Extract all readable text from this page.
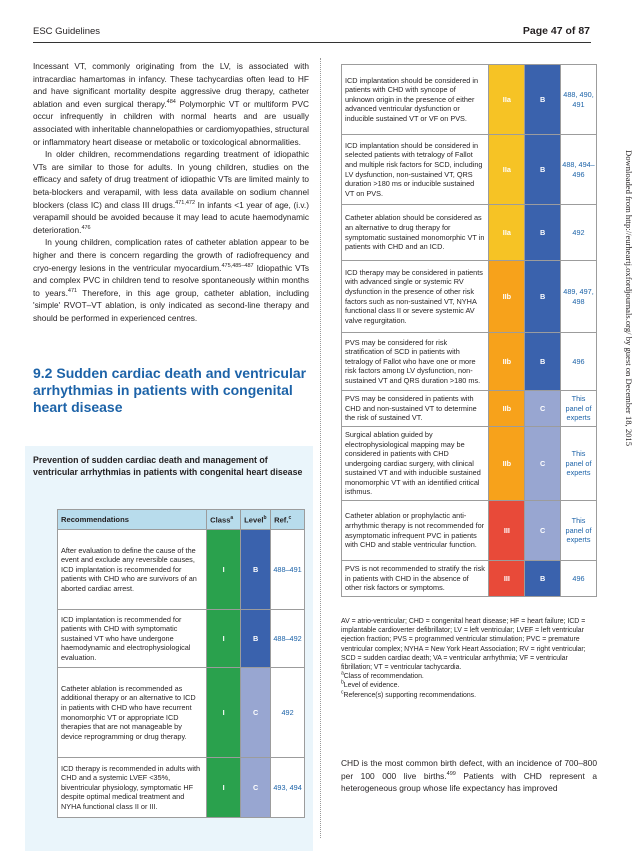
ESC Guidelines	Page 47 of 87

Incessant VT, commonly originating from the LV, is associated with intracardiac hamartomas in infancy. These tachycardias often lead to HF and have significant mortality despite aggressive drug therapy, catheter ablation and even surgical therapy.$^{484}$ Polymorphic VT or multiform PVC occur infrequently in children with normal hearts and are usually associated with inheritable channelopathies or cardiomyopathies, structural or inflammatory heart disease or metabolic or toxicological abnormalities.

In older children, recommendations regarding treatment of idiopathic VTs are similar to those for adults. In young children, studies on the efficacy and safety of drug treatment of idiopathic VTs are limited mainly to beta-blockers and verapamil, with less data available on sodium channel blockers (class IC) and class III drugs.$^{471,472}$ In infants <1 year of age, (i.v.) verapamil should be avoided because it may lead to acute haemodynamic deterioration.$^{476}$

In young children, complication rates of catheter ablation appear to be higher and there is concern regarding the growth of radiofrequency and cryo-energy lesions in the ventricular myocardium.$^{475,485-487}$ Idiopathic VTs and complex PVC in children tend to resolve spontaneously within months to years.$^{471}$ Therefore, in this age group, catheter ablation, including 'simple' RVOT–VT ablation, is only indicated as second-line therapy and should be performed in experienced centres.

9.2 Sudden cardiac death and ventricular arrhythmias in patients with congenital heart disease
Prevention of sudden cardiac death and management of ventricular arrhythmias in patients with congenital heart disease
Recommendations	Class$^a$	Level$^b$	Ref.$^c$
After evaluation to define the cause of the event and exclude any reversible causes, ICD implantation is recommended for patients with CHD who are survivors of an aborted cardiac arrest.	I	B	488–491
ICD implantation is recommended for patients with CHD with symptomatic sustained VT who have undergone haemodynamic and electrophysiological evaluation.	I	B	488–492
Catheter ablation is recommended as additional therapy or an alternative to ICD in patients with CHD who have recurrent monomorphic VT or appropriate ICD therapies that are not manageable by device reprogramming or drug therapy.	I	C	492
ICD therapy is recommended in adults with CHD and a systemic LVEF <35%, biventricular physiology, symptomatic HF despite optimal medical treatment and NYHA functional class II or III.	I	C	493, 494
ICD implantation should be considered in patients with CHD with syncope of unknown origin in the presence of either advanced ventricular dysfunction or inducible sustained VT or VF on PVS.	IIa	B	488, 490, 491
ICD implantation should be considered in selected patients with tetralogy of Fallot and multiple risk factors for SCD, including LV dysfunction, non-sustained VT, QRS duration >180 ms or inducible sustained VT on PVS.	IIa	B	488, 494–496
Catheter ablation should be considered as an alternative to drug therapy for symptomatic sustained monomorphic VT in patients with CHD and an ICD.	IIa	B	492
ICD therapy may be considered in patients with advanced single or systemic RV dysfunction in the presence of other risk factors such as non-sustained VT, NYHA functional class II or severe systemic AV valve regurgitation.	IIb	B	489, 497, 498
PVS may be considered for risk stratification of SCD in patients with tetralogy of Fallot who have one or more risk factors among LV dysfunction, non-sustained VT and QRS duration >180 ms.	IIb	B	496
PVS may be considered in patients with CHD and non-sustained VT to determine the risk of sustained VT.	IIb	C	This panel of experts
Surgical ablation guided by electrophysiological mapping may be considered in patients with CHD undergoing cardiac surgery, with clinical sustained VT and with inducible sustained monomorphic VT with an identified critical isthmus.	IIb	C	This panel of experts
Catheter ablation or prophylactic anti-arrhythmic therapy is not recommended for asymptomatic infrequent PVC in patients with CHD and stable ventricular function.	III	C	This panel of experts
PVS is not recommended to stratify the risk in patients with CHD in the absence of other risk factors or symptoms.	III	B	496
AV = atrio-ventricular; CHD = congenital heart disease; HF = heart failure; ICD = implantable cardioverter defibrillator; LV = left ventricular; LVEF = left ventricular ejection fraction; PVS = programmed ventricular stimulation; PVC = premature ventricular complex; NYHA = New York Heart Association; RV = right ventricular; SCD = sudden cardiac death; VA = ventricular arrhythmia; VF = ventricular fibrillation; VT = ventricular tachycardia.
$^a$Class of recommendation.
$^b$Level of evidence.
$^c$Reference(s) supporting recommendations.
CHD is the most common birth defect, with an incidence of 700–800 per 100 000 live births.$^{499}$ Patients with CHD represent a heterogeneous group whose life expectancy has improved
Downloaded from http://eurheartj.oxfordjournals.org/ by guest on December 18, 2015
